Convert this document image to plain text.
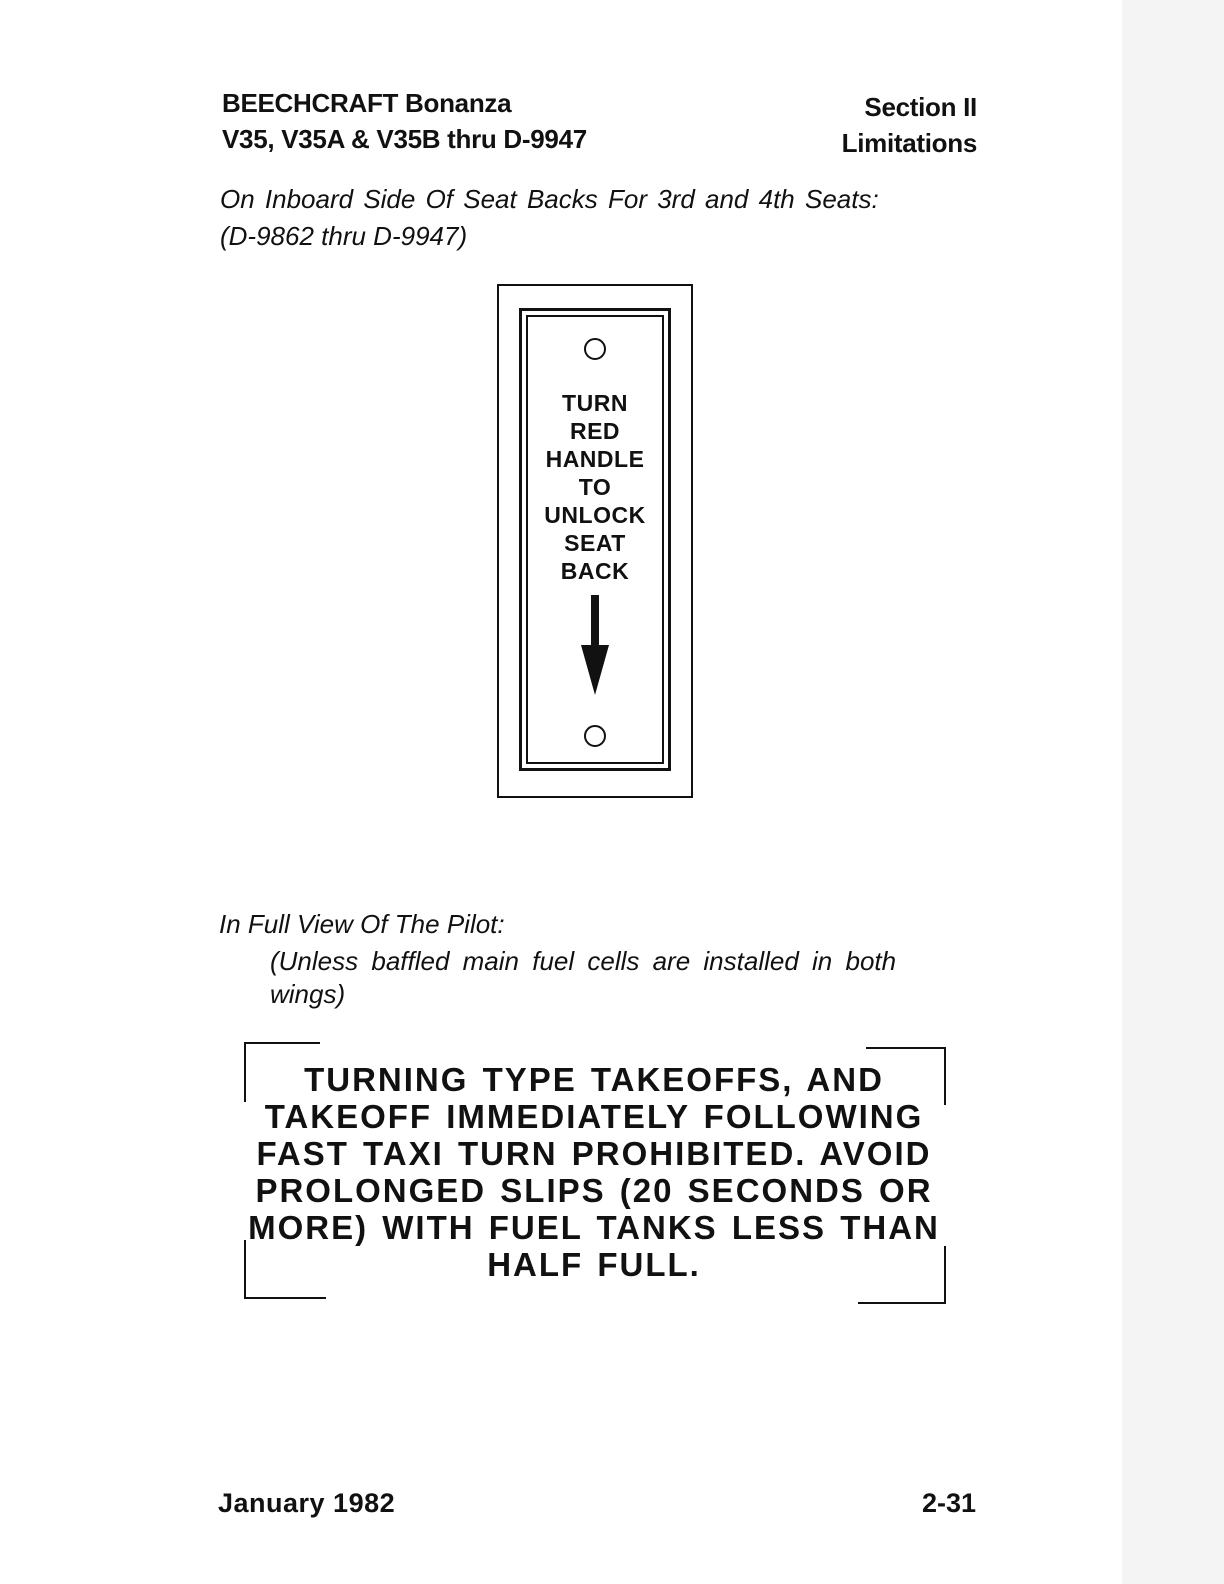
BEECHCRAFT Bonanza
V35, V35A & V35B thru D-9947
Section II
Limitations
On Inboard Side Of Seat Backs For 3rd and 4th Seats:
(D-9862 thru D-9947)
TURN
RED
HANDLE
TO
UNLOCK
SEAT
BACK
In Full View Of The Pilot:
(Unless baffled main fuel cells are installed in both
wings)
TURNING TYPE TAKEOFFS, AND
TAKEOFF IMMEDIATELY FOLLOWING
FAST TAXI TURN PROHIBITED. AVOID
PROLONGED SLIPS (20 SECONDS OR
MORE) WITH FUEL TANKS LESS THAN
HALF FULL.
January 1982	2-31
